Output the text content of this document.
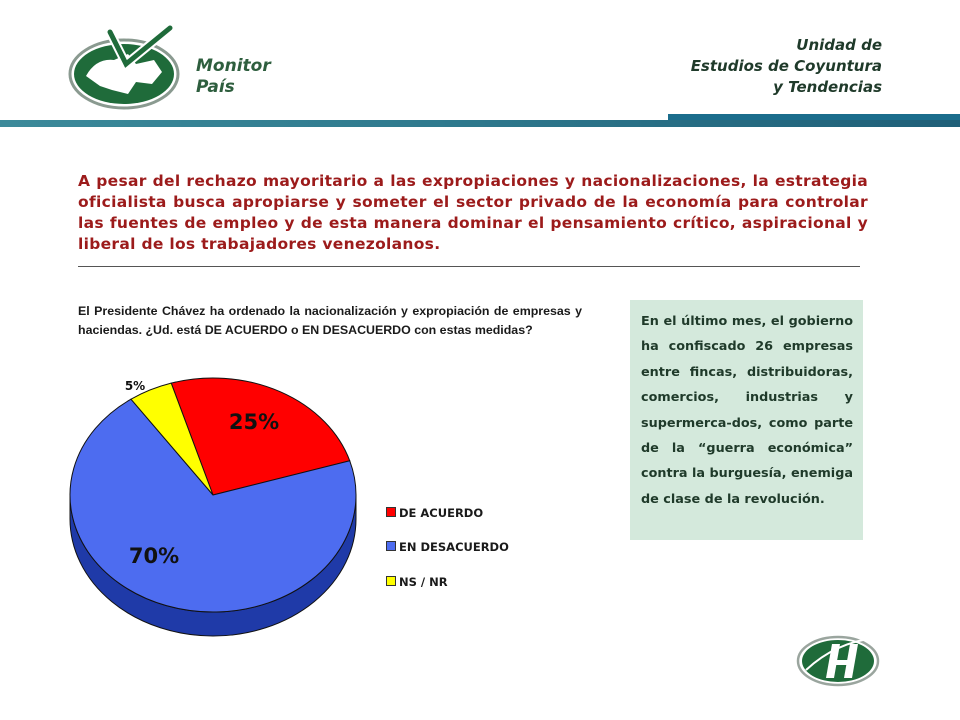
Monitor
País
Unidad de
Estudios de Coyuntura
y Tendencias
A pesar del rechazo mayoritario a las expropiaciones y nacionalizaciones, la estrategia oficialista busca apropiarse y someter el sector privado de la economía para controlar las fuentes de empleo y de esta manera dominar el pensamiento crítico, aspiracional y liberal de los trabajadores venezolanos.
El Presidente Chávez ha ordenado la nacionalización y expropiación de empresas y haciendas. ¿Ud. está DE ACUERDO o EN DESACUERDO con estas medidas?
En el último mes, el gobierno ha confiscado 26 empresas entre fincas, distribuidoras, comercios, industrias y supermerca-dos, como parte de la “guerra económica” contra la burguesía, enemiga de clase de la revolución.
25%
70%
5%
DE ACUERDO
EN DESACUERDO
NS / NR
